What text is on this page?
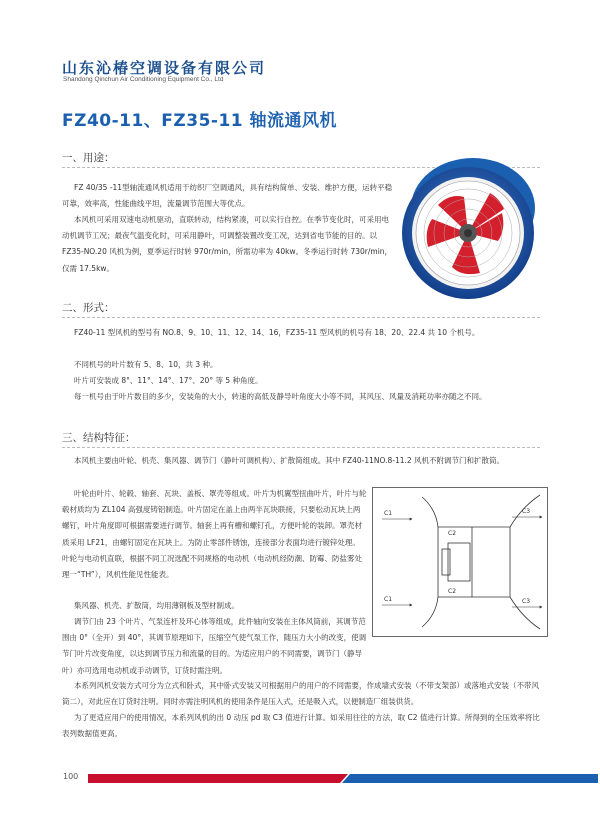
山东沁椿空调设备有限公司
Shandong Qinchun Air Conditioning Equipment Co., Ltd
FZ40-11、FZ35-11 轴流通风机
一、用途：
FZ 40/35 -11型轴流通风机适用于纺织厂空调通风，具有结构简单、安装、维护方便，运转平稳可靠，效率高，性能曲线平坦，流量调节范围大等优点。
本风机可采用双速电动机驱动，直联转动，结构紧凑，可以实行自控。在季节变化时，可采用电动机调节工况；最夜气温变化时，可采用静叶，可调整装置改变工况，达到省电节能的目的。以 FZ35-NO.20 风机为例，夏季运行时转 970r/min，所需功率为 40kw。冬季运行时转 730r/min，仅需 17.5kw。
二、形式：
FZ40-11 型风机的型号有 NO.8、9、10、11、12、14、16，FZ35-11 型风机的机号有 18、20、22.4 共 10 个机号。
不同机号的叶片数有 5、8、10，共 3 种。
叶片可安装成 8°、11°、14°、17°、20° 等 5 种角度。
每一机号由于叶片数目的多少，安装角的大小，转速的高低及静导叶角度大小等不同，其风压、风量及消耗功率亦随之不同。
三、结构特征：
本风机主要由叶轮、机壳、集风器、调节门（静叶可调机构）、扩散简组成。其中 FZ40-11NO.8-11.2 风机不附调节门和扩散筒。
叶轮由叶片、轮毂、轴套、瓦块、盖板、罩壳等组成。叶片为机翼型扭曲叶片，叶片与轮毂材质均为 ZL104 高强度铸铝制造。叶片固定在盖上由两半瓦块联接，只要松动瓦块上两螺钉，叶片角度即可根据需要进行调节。轴套上再有槽和螺钉孔，方便叶轮的装卸。罩壳材质采用 LF21，由螺钉固定在瓦块上。为防止零部件锈蚀，连接部分表面均进行镀锌处理。叶轮与电动机直联，根据不同工况选配不同规格的电动机（电动机经防潮、防霉、防盐雾处理一“TH”），风机性能见性能表。
集风器、机壳、扩散筒，均用薄钢板及型材制成。
调节门由 23 个叶片、气泵连杆及环心体等组成，此件轴向安装在主体风筒前，其调节范围由 0°（全开）到 40°，其调节原理如下，压缩空气使气泵工作，随压力大小的改变，使调节门叶片改变角度，以达到调节压力和流量的目的。为适应用户的不同需要，调节门（静导叶）亦可选用电动机或手动调节，订货时需注明。
本系列风机安装方式可分为立式和卧式，其中卧式安装又可根据用户的用户的不同需要，作成墙式安装（不带支架部）或落地式安装（不带风筒二），对此应在订货时注明。同时亦需注明风机的使用条件是压入式，还是吸入式，以便制造厂组装供货。
为了更适应用户的使用情况，本系列风机的出 0 动压 pd 取 C3 值进行计算。如采用往往的方法，取 C2 值进行计算。所得到的全压效率将比表列数据值更高。
C1
C1
C2
C2
C3
C3
100
